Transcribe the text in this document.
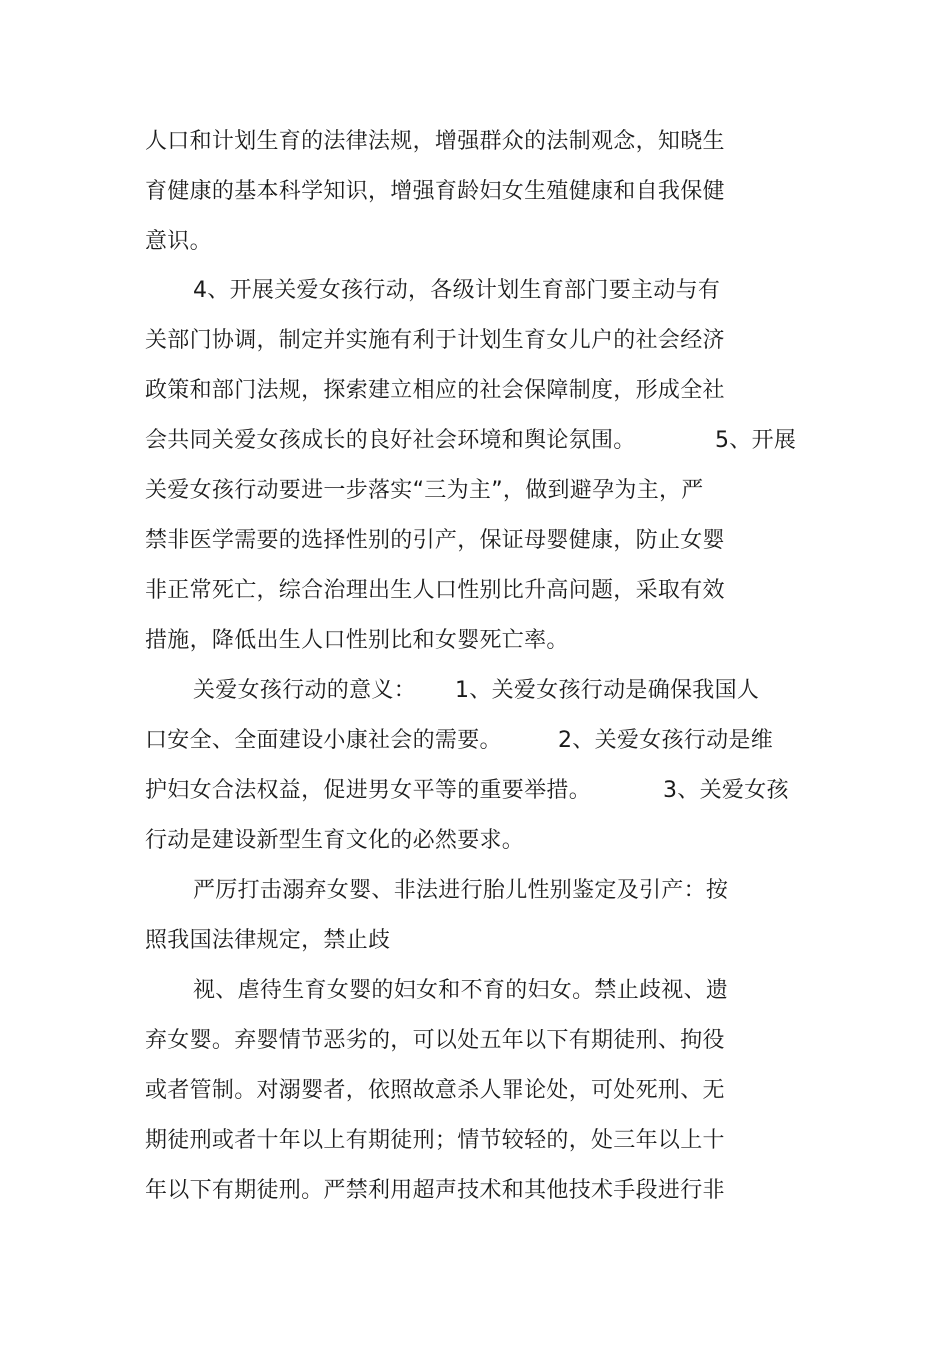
人口和计划生育的法律法规，增强群众的法制观念，知晓生
育健康的基本科学知识，增强育龄妇女生殖健康和自我保健
意识。
4、开展关爱女孩行动，各级计划生育部门要主动与有
关部门协调，制定并实施有利于计划生育女儿户的社会经济
政策和部门法规，探索建立相应的社会保障制度，形成全社
会共同关爱女孩成长的良好社会环境和舆论氛围。	5、开展
关爱女孩行动要进一步落实“三为主”，做到避孕为主，严
禁非医学需要的选择性别的引产，保证母婴健康，防止女婴
非正常死亡，综合治理出生人口性别比升高问题，采取有效
措施，降低出生人口性别比和女婴死亡率。
关爱女孩行动的意义： 1、关爱女孩行动是确保我国人
口安全、全面建设小康社会的需要。	2、关爱女孩行动是维
护妇女合法权益，促进男女平等的重要举措。	3、关爱女孩
行动是建设新型生育文化的必然要求。
严厉打击溺弃女婴、非法进行胎儿性别鉴定及引产：按
照我国法律规定，禁止歧
视、虐待生育女婴的妇女和不育的妇女。禁止歧视、遗
弃女婴。弃婴情节恶劣的，可以处五年以下有期徒刑、拘役
或者管制。对溺婴者，依照故意杀人罪论处，可处死刑、无
期徒刑或者十年以上有期徒刑；情节较轻的，处三年以上十
年以下有期徒刑。严禁利用超声技术和其他技术手段进行非
